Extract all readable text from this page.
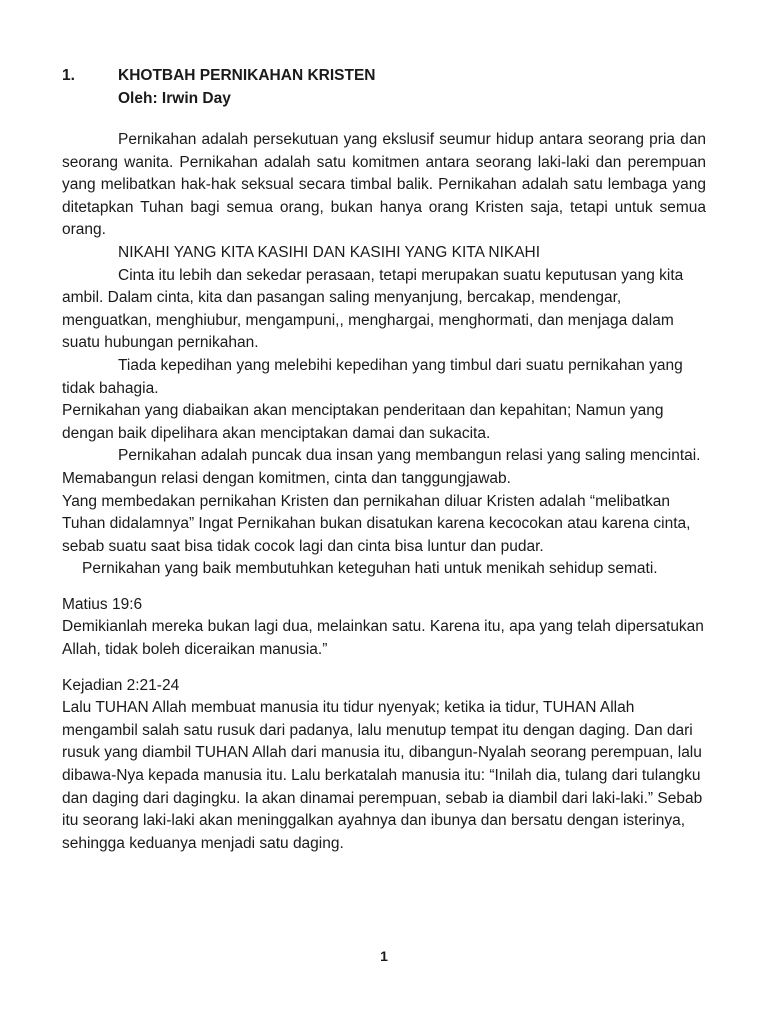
1.	KHOTBAH PERNIKAHAN KRISTEN
Oleh: Irwin Day

Pernikahan adalah persekutuan yang ekslusif seumur hidup antara seorang pria dan seorang wanita. Pernikahan adalah satu komitmen antara seorang laki-laki dan perempuan yang melibatkan hak-hak seksual secara timbal balik. Pernikahan adalah satu lembaga yang ditetapkan Tuhan bagi semua orang, bukan hanya orang Kristen saja, tetapi untuk semua orang.

NIKAHI YANG KITA KASIHI DAN KASIHI YANG KITA NIKAHI

Cinta itu lebih dan sekedar perasaan, tetapi merupakan suatu keputusan yang kita ambil. Dalam cinta, kita dan pasangan saling menyanjung, bercakap, mendengar, menguatkan, menghiubur, mengampuni,, menghargai, menghormati, dan menjaga dalam suatu hubungan pernikahan.

Tiada kepedihan yang melebihi kepedihan yang timbul dari suatu pernikahan yang tidak bahagia.

Pernikahan yang diabaikan akan menciptakan penderitaan dan kepahitan; Namun yang dengan baik dipelihara akan menciptakan damai dan sukacita.

Pernikahan adalah puncak dua insan yang membangun relasi yang saling mencintai. Memabangun relasi dengan komitmen, cinta dan tanggungjawab.

Yang membedakan pernikahan Kristen dan pernikahan diluar Kristen adalah “melibatkan Tuhan didalamnya” Ingat Pernikahan bukan disatukan karena kecocokan atau karena cinta, sebab suatu saat bisa tidak cocok lagi dan cinta bisa luntur dan pudar.

Pernikahan yang baik membutuhkan keteguhan hati untuk menikah sehidup semati.

Matius 19:6

Demikianlah mereka bukan lagi dua, melainkan satu. Karena itu, apa yang telah dipersatukan Allah, tidak boleh diceraikan manusia.”

Kejadian 2:21-24

Lalu TUHAN Allah membuat manusia itu tidur nyenyak; ketika ia tidur, TUHAN Allah mengambil salah satu rusuk dari padanya, lalu menutup tempat itu dengan daging. Dan dari rusuk yang diambil TUHAN Allah dari manusia itu, dibangun-Nyalah seorang perempuan, lalu dibawa-Nya kepada manusia itu. Lalu berkatalah manusia itu: “Inilah dia, tulang dari tulangku dan daging dari dagingku. Ia akan dinamai perempuan, sebab ia diambil dari laki-laki.” Sebab itu seorang laki-laki akan meninggalkan ayahnya dan ibunya dan bersatu dengan isterinya, sehingga keduanya menjadi satu daging.

1
